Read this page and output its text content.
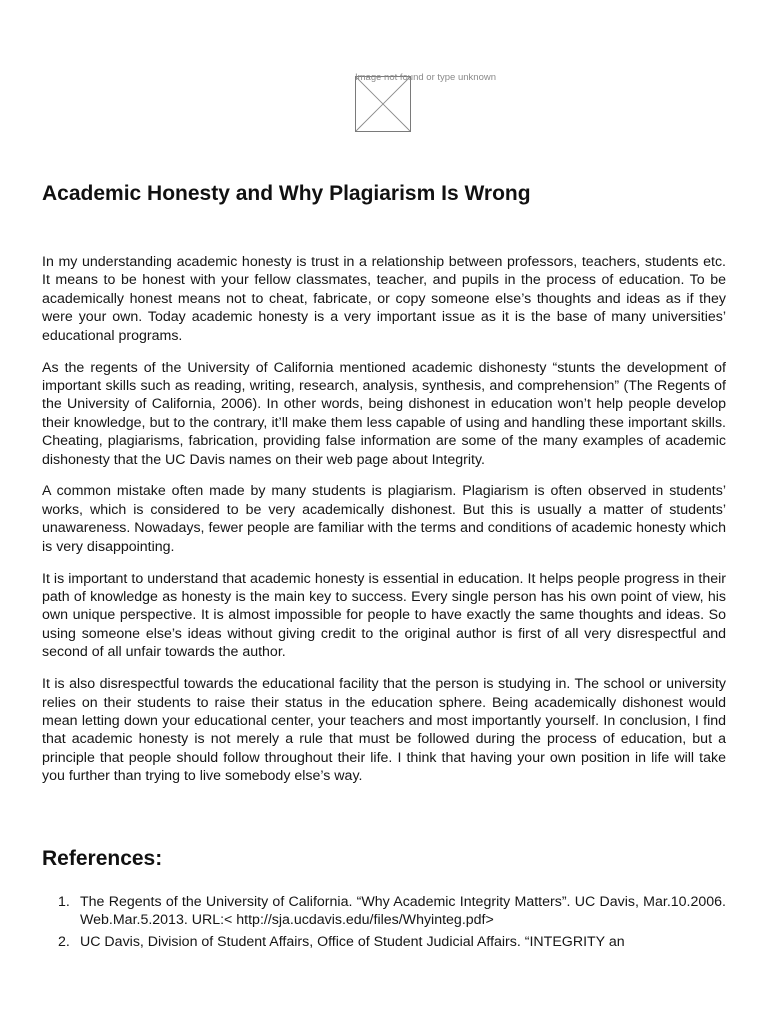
Image not found or type unknown
Academic Honesty and Why Plagiarism Is Wrong

In my understanding academic honesty is trust in a relationship between professors, teachers, students etc. It means to be honest with your fellow classmates, teacher, and pupils in the process of education. To be academically honest means not to cheat, fabricate, or copy someone else’s thoughts and ideas as if they were your own. Today academic honesty is a very important issue as it is the base of many universities’ educational programs.

As the regents of the University of California mentioned academic dishonesty “stunts the development of important skills such as reading, writing, research, analysis, synthesis, and comprehension” (The Regents of the University of California, 2006). In other words, being dishonest in education won’t help people develop their knowledge, but to the contrary, it’ll make them less capable of using and handling these important skills. Cheating, plagiarisms, fabrication, providing false information are some of the many examples of academic dishonesty that the UC Davis names on their web page about Integrity.

A common mistake often made by many students is plagiarism. Plagiarism is often observed in students’ works, which is considered to be very academically dishonest. But this is usually a matter of students’ unawareness. Nowadays, fewer people are familiar with the terms and conditions of academic honesty which is very disappointing.

It is important to understand that academic honesty is essential in education. It helps people progress in their path of knowledge as honesty is the main key to success. Every single person has his own point of view, his own unique perspective. It is almost impossible for people to have exactly the same thoughts and ideas. So using someone else’s ideas without giving credit to the original author is first of all very disrespectful and second of all unfair towards the author.

It is also disrespectful towards the educational facility that the person is studying in. The school or university relies on their students to raise their status in the education sphere. Being academically dishonest would mean letting down your educational center, your teachers and most importantly yourself. In conclusion, I find that academic honesty is not merely a rule that must be followed during the process of education, but a principle that people should follow throughout their life. I think that having your own position in life will take you further than trying to live somebody else’s way.

References:
1. The Regents of the University of California. “Why Academic Integrity Matters”. UC Davis, Mar.10.2006. Web.Mar.5.2013. URL:< http://sja.ucdavis.edu/files/Whyinteg.pdf>
2. UC Davis, Division of Student Affairs, Office of Student Judicial Affairs. “INTEGRITY an
